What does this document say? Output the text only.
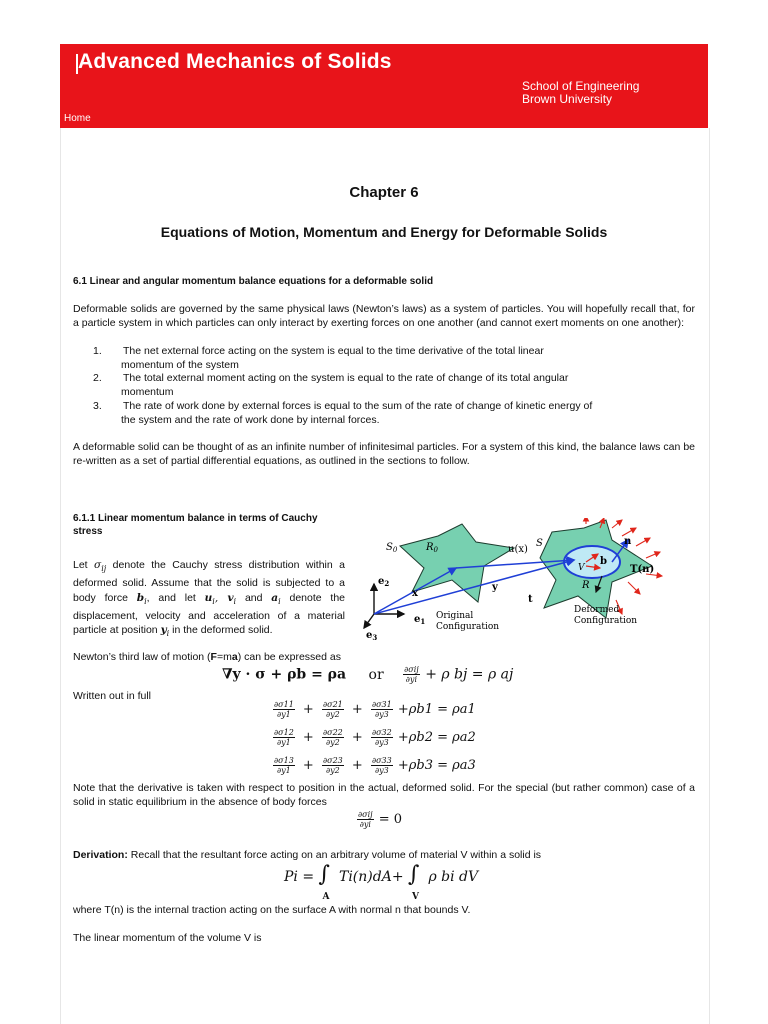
Advanced Mechanics of Solids
School of Engineering
Brown University
Home
Chapter 6
Equations of Motion, Momentum and Energy for Deformable Solids
6.1 Linear and angular momentum balance equations for a deformable solid
Deformable solids are governed by the same physical laws (Newton’s laws) as a system of particles. You will hopefully recall that, for a particle system in which particles can only interact by exerting forces on one another (and cannot exert moments on one another):
1. The net external force acting on the system is equal to the time derivative of the total linear
momentum of the system
2. The total external moment acting on the system is equal to the rate of change of its total angular
momentum
3. The rate of work done by external forces is equal to the sum of the rate of change of kinetic energy of
the system and the rate of work done by internal forces.
A deformable solid can be thought of as an infinite number of infinitesimal particles. For a system of this kind, the balance laws can be re-written as a set of partial differential equations, as outlined in the sections to follow.
6.1.1 Linear momentum balance in terms of Cauchy stress
Let $\sigma_{ij}$ denote the Cauchy stress distribution within a deformed solid. Assume that the solid is subjected to a body force $b_i$, and let $u_i$, $v_i$ and $a_i$ denote the displacement, velocity and acceleration of a material particle at position $y_i$ in the deformed solid.
$S_0$	$R_0$	u(x)
S
V
R
b
n
T(n)
x
y
t
$e_2$
$e_1$
$e_3$
Original
Configuration
Deformed
Configuration
Newton’s third law of motion (F=ma) can be expressed as
∇y · σ + ρb = ρa or $\frac{\text{∂σij}}{\partial yi} + \rho$ bj = ρ aj
Written out in full
$\frac{\partial\sigma 11}{\partial y1} + \frac{\partial\sigma 21}{\partial y2} + \frac{\partial\sigma 31}{\partial y3} +\rho b1 = \rho a1$
$\frac{\partial\sigma 12}{\partial y1} + \frac{\partial\sigma 22}{\partial y2} + \frac{\partial\sigma 32}{\partial y3} +\rho b2 = \rho a2$
$\frac{\partial\sigma 13}{\partial y1} + \frac{\partial\sigma 23}{\partial y2} + \frac{\partial\sigma 33}{\partial y3} +\rho b3 = \rho a3$
Note that the derivative is taken with respect to position in the actual, deformed solid. For the special (but rather common) case of a solid in static equilibrium in the absence of body forces
$\frac{\text{∂σij}}{\partial yi} = 0$
Derivation: Recall that the resultant force acting on an arbitrary volume of material V within a solid is
Pi = ∫
A
Ti(n)dA+ ∫
V
ρ bi dV
where T(n) is the internal traction acting on the surface A with normal n that bounds V.
The linear momentum of the volume V is
